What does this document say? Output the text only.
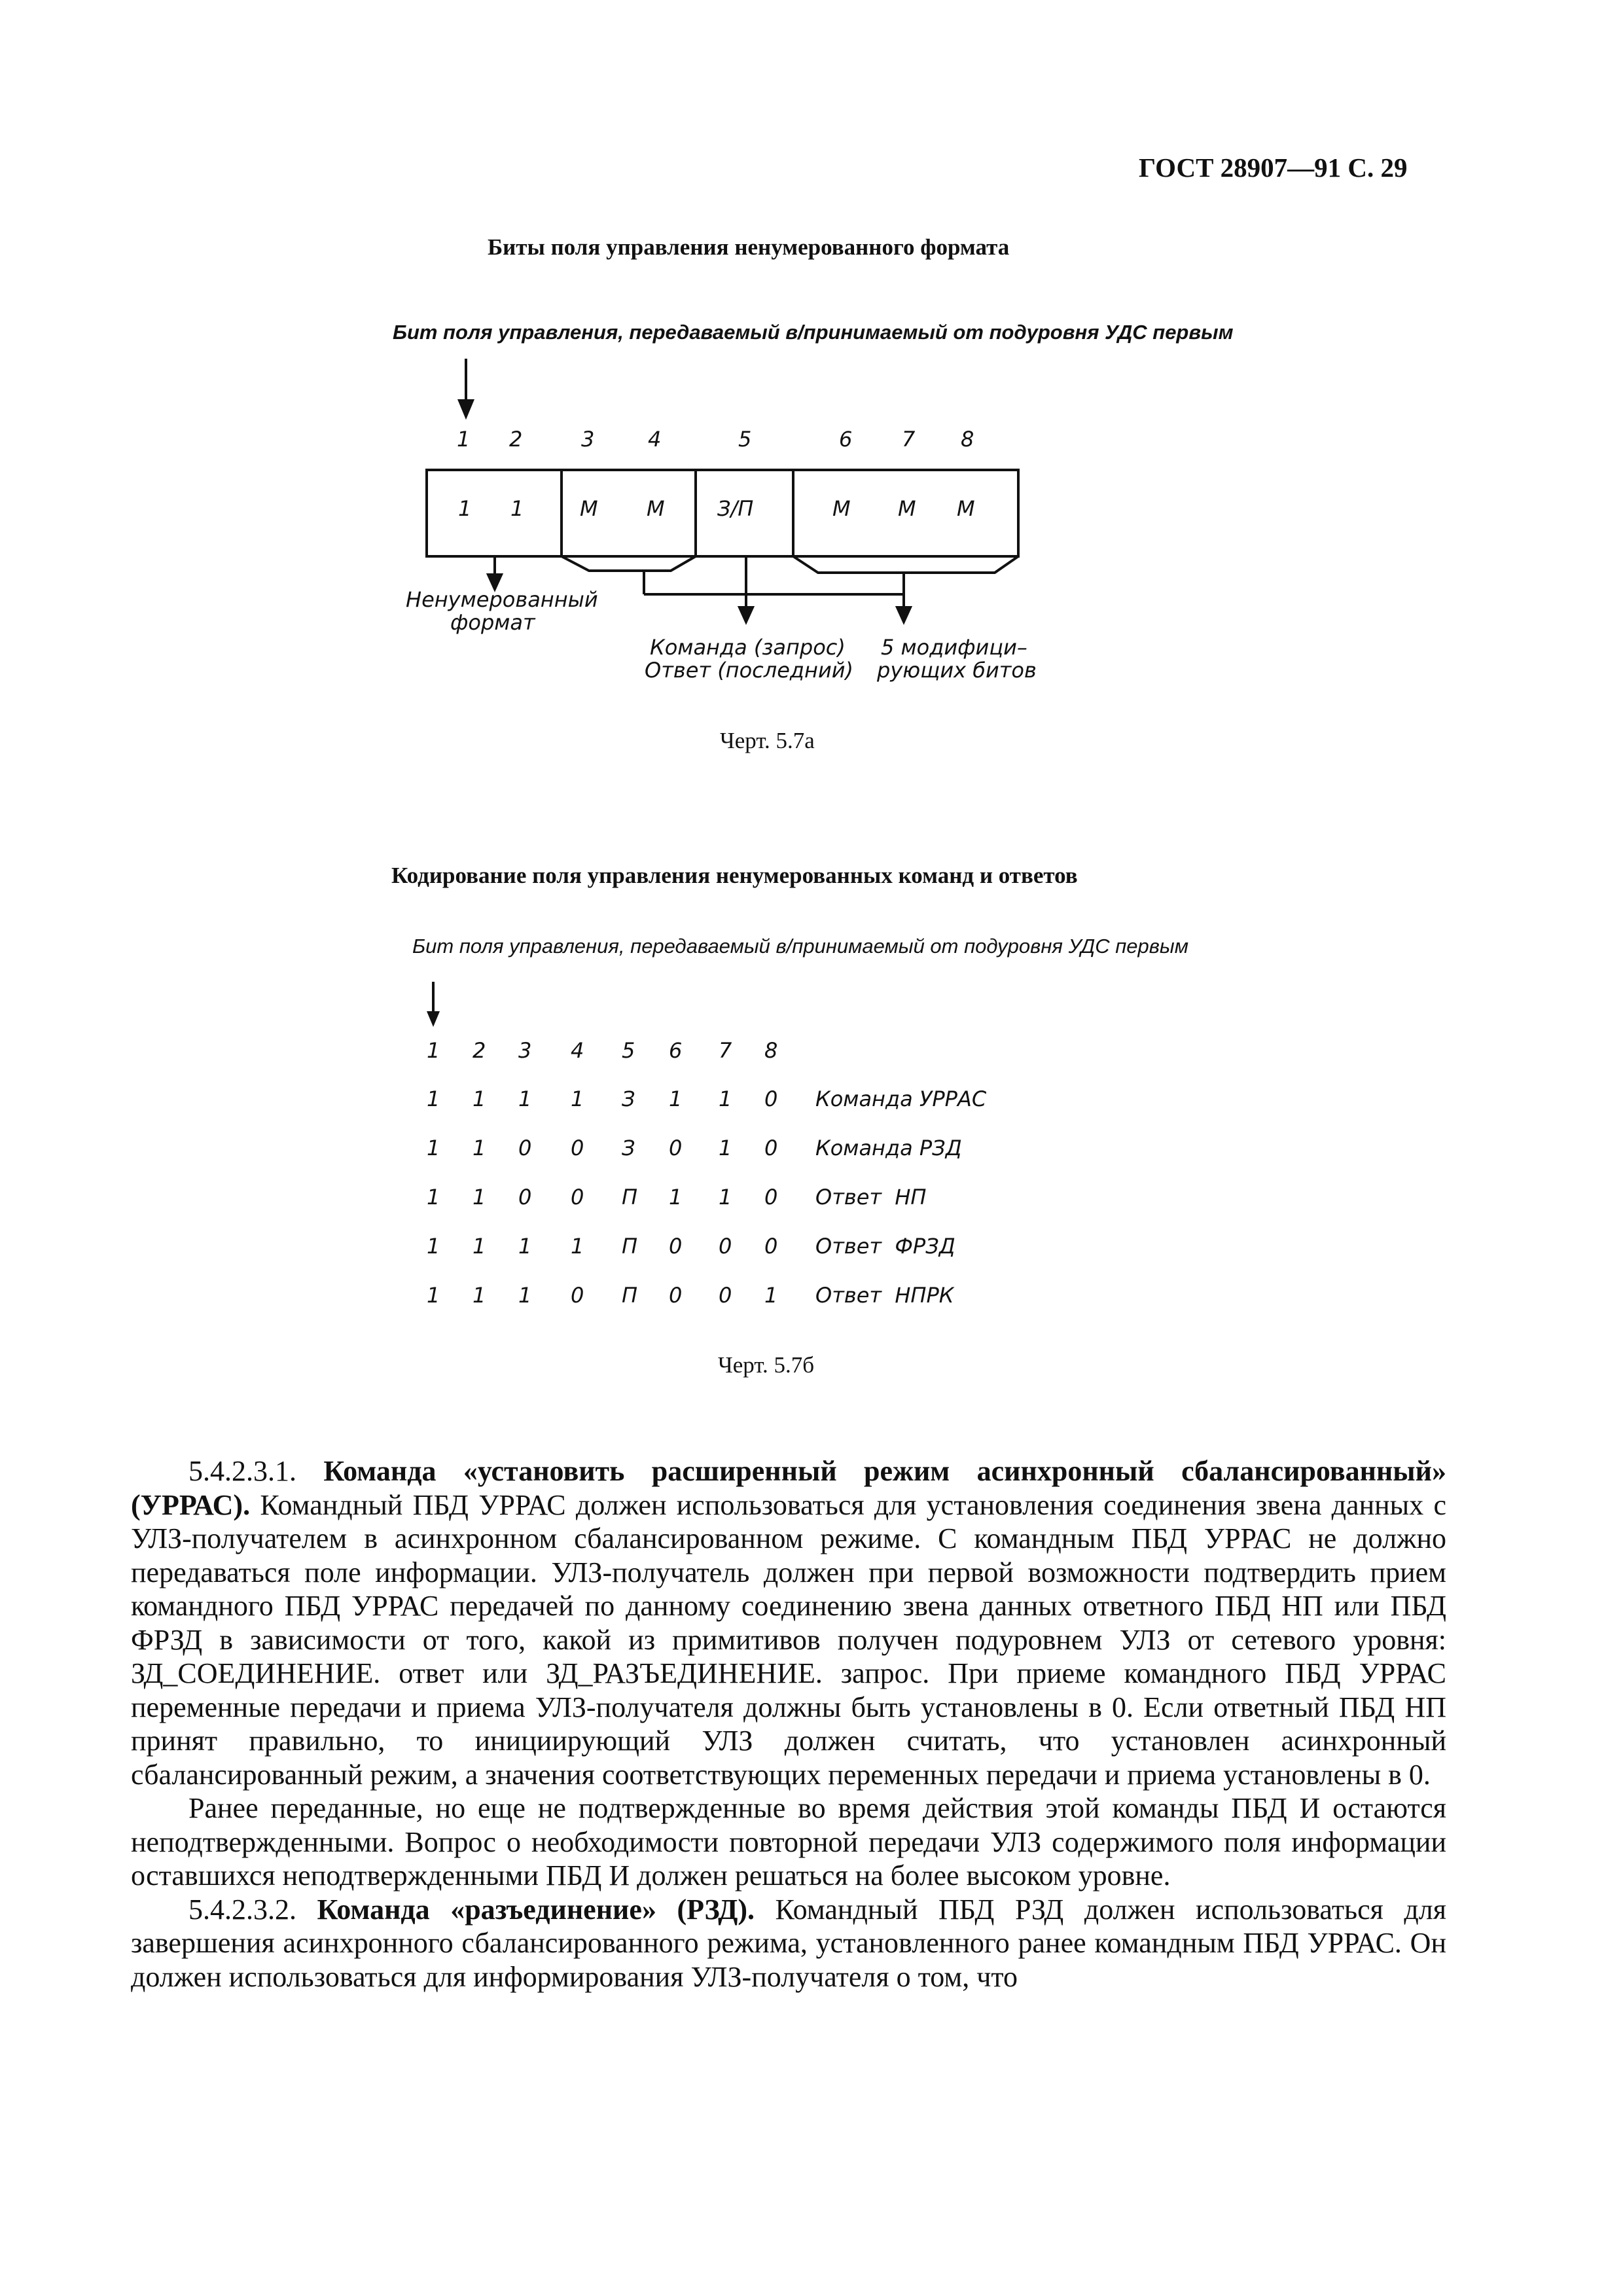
ГОСТ 28907—91 С. 29
Биты поля управления ненумерованного формата
Бит поля управления, передаваемый в/принимаемый от подуровня УДС первым
1 2	3	4	5	6 7 8
1 1	М М	З/П	М М М
Ненумерованный
формат
Команда (запрос)
Ответ (последний)
5 модифици–
рующих битов
Черт. 5.7а
Кодирование поля управления ненумерованных команд и ответов
Бит поля управления, передаваемый в/принимаемый от подуровня УДС первым
1 2 3 4 5 6 7 8
1 1 1 1 З 1 1 0 Команда УРРАС
1 1 0 0 З 0 1 0 Команда РЗД
1 1 0 0 П 1 1 0 Ответ  НП
1 1 1 1 П 0 0 0 Ответ  ФРЗД
1 1 1 0 П 0 0 1 Ответ  НПРК
Черт. 5.7б

5.4.2.3.1. Команда «установить расширенный режим асинхронный сбалансированный» (УРРАС). Командный ПБД УРРАС должен использоваться для установления соединения звена данных с УЛЗ-получателем в асинхронном сбалансированном режиме. С командным ПБД УРРАС не должно передаваться поле информации. УЛЗ-получатель должен при первой возможности подтвердить прием командного ПБД УРРАС передачей по данному соединению звена данных ответного ПБД НП или ПБД ФРЗД в зависимости от того, какой из примитивов получен подуровнем УЛЗ от сетевого уровня: ЗД_СОЕДИНЕНИЕ. ответ или ЗД_РАЗЪЕДИНЕНИЕ. запрос. При приеме командного ПБД УРРАС переменные передачи и приема УЛЗ-получателя должны быть установлены в 0. Если ответный ПБД НП принят правильно, то инициирующий УЛЗ должен считать, что установлен асинхронный сбалансированный режим, а значения соответствующих переменных передачи и приема установлены в 0.

Ранее переданные, но еще не подтвержденные во время действия этой команды ПБД И остаются неподтвержденными. Вопрос о необходимости повторной передачи УЛЗ содержимого поля информации оставшихся неподтвержденными ПБД И должен решаться на более высоком уровне.

5.4.2.3.2. Команда «разъединение» (РЗД). Командный ПБД РЗД должен использоваться для завершения асинхронного сбалансированного режима, установленного ранее командным ПБД УРРАС. Он должен использоваться для информирования УЛЗ-получателя о том, что
